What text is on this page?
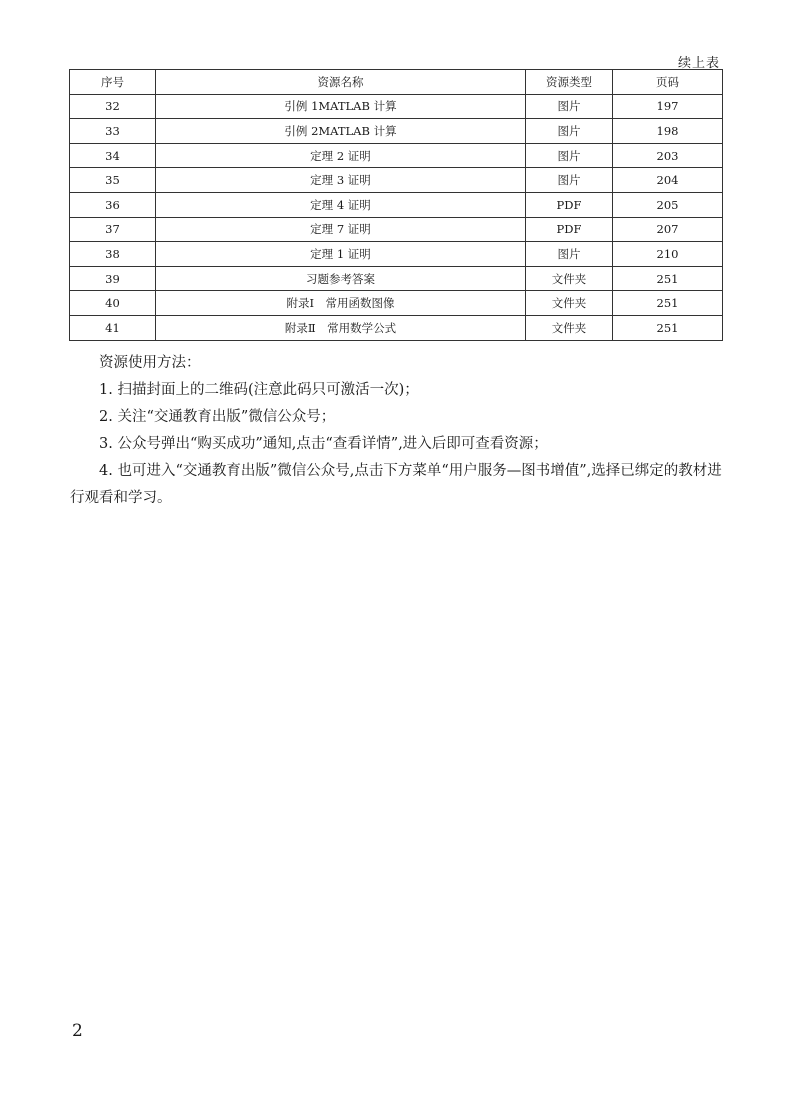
续上表
序号	资源名称	资源类型	页码
32	引例 1MATLAB 计算	图片	197
33	引例 2MATLAB 计算	图片	198
34	定理 2 证明	图片	203
35	定理 3 证明	图片	204
36	定理 4 证明	PDF	205
37	定理 7 证明	PDF	207
38	定理 1 证明	图片	210
39	习题参考答案	文件夹	251
40	附录Ⅰ　常用函数图像	文件夹	251
41	附录Ⅱ　常用数学公式	文件夹	251

资源使用方法：

1. 扫描封面上的二维码(注意此码只可激活一次)；

2. 关注“交通教育出版”微信公众号；

3. 公众号弹出“购买成功”通知,点击“查看详情”,进入后即可查看资源；

4. 也可进入“交通教育出版”微信公众号,点击下方菜单“用户服务—图书增值”,选择已绑定的教材进行观看和学习。

2
